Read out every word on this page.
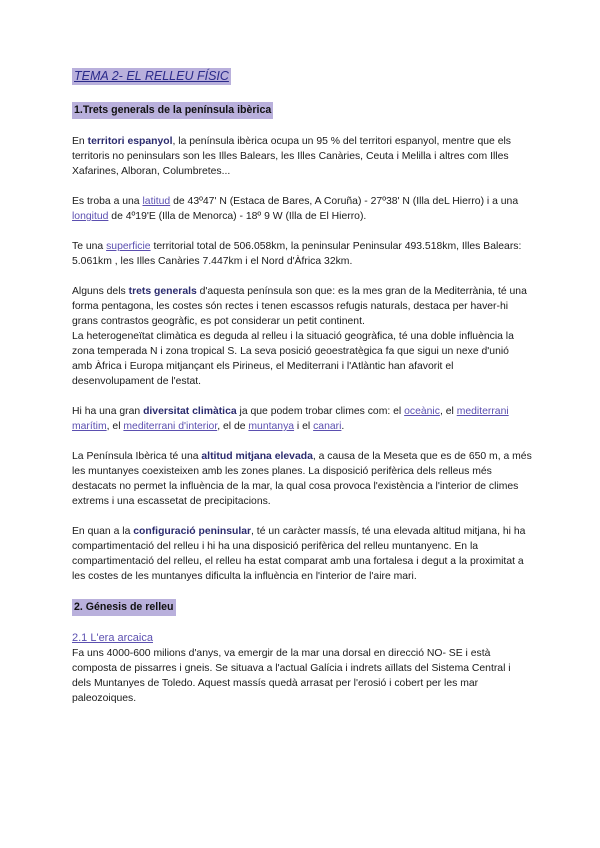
TEMA 2- EL RELLEU FÍSIC
1.Trets generals de la península ibèrica

En territori espanyol, la península ibèrica ocupa un 95 % del territori espanyol, mentre que els territoris no peninsulars son les Illes Balears, les Illes Canàries, Ceuta i Melilla i altres com Illes Xafarines, Alboran, Columbretes...

Es troba a una latitud de 43º47' N (Estaca de Bares, A Coruña) - 27º38' N (Illa deL Hierro) i a una longitud de 4º19'E (Illa de Menorca) - 18º 9 W (Illa de El Hierro).

Te una superficie territorial total de 506.058km, la peninsular Peninsular 493.518km, Illes Balears: 5.061km , les Illes Canàries 7.447km i el Nord d'Àfrica 32km.

Alguns dels trets generals d'aquesta península son que: es la mes gran de la Mediterrània, té una forma pentagona, les costes són rectes i tenen escassos refugis naturals, destaca per haver-hi grans contrastos geogràfic, es pot considerar un petit continent.

La heterogeneïtat climàtica es deguda al relleu i la situació geogràfica, té una doble influència la zona temperada N i zona tropical S. La seva posició geoestratègica fa que sigui un nexe d'unió amb Àfrica i Europa mitjançant els Pirineus, el Mediterrani i l'Atlàntic han afavorit el desenvolupament de l'estat.

Hi ha una gran diversitat climàtica ja que podem trobar climes com: el oceànic, el mediterrani marítim, el mediterrani d'interior, el de muntanya i el canari.

La Península Ibèrica té una altitud mitjana elevada, a causa de la Meseta que es de 650 m, a més les muntanyes coexisteixen amb les zones planes. La disposició perifèrica dels relleus més destacats no permet la influència de la mar, la qual cosa provoca l'existència a l'interior de climes extrems i una escassetat de precipitacions.

En quan a la configuració peninsular, té un caràcter massís, té una elevada altitud mitjana, hi ha compartimentació del relleu i hi ha una disposició perifèrica del relleu muntanyenc. En la compartimentació del relleu, el relleu ha estat comparat amb una fortalesa i degut a la proximitat a les costes de les muntanyes dificulta la influència en l'interior de l'aire mari.

2. Génesis de relleu
2.1 L'era arcaica

Fa uns 4000-600 milions d'anys, va emergir de la mar una dorsal en direcció NO- SE i està composta de pissarres i gneis. Se situava a l'actual Galícia i indrets aïllats del Sistema Central i dels Muntanyes de Toledo. Aquest massís quedà arrasat per l'erosió i cobert per les mar paleozoiques.
